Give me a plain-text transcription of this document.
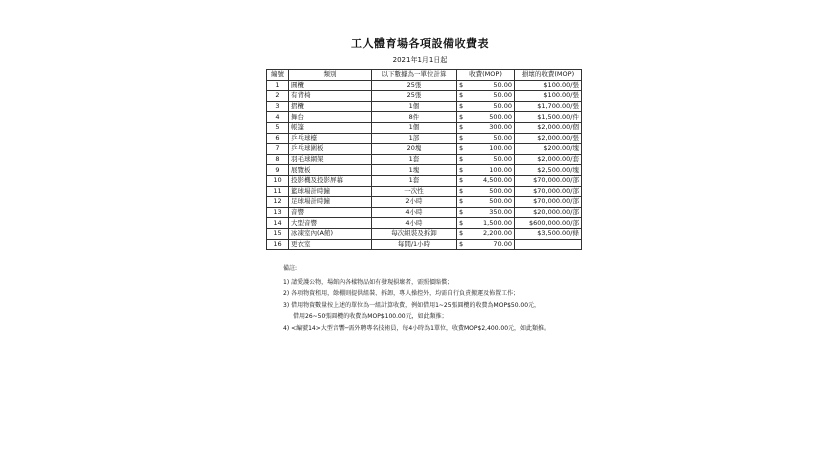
工人體育場各項設備收費表
2021年1月1日起
編號	類別	以下數據為一單位計算	收費(MOP)	損壞的收費(MOP)
1	圓欖	25張	$ 50.00	$100.00/張
2	有背椅	25張	$ 50.00	$100.00/張
3	摺欖	1個	$ 50.00	$1,700.00/張
4	舞台	8件	$ 500.00	$1,500.00/件
5	帳篷	1個	$ 300.00	$2,000.00/個
6	乒乓球檯	1部	$ 50.00	$2,000.00/張
7	乒乓球圍板	20塊	$ 100.00	$200.00/塊
8	羽毛球網架	1套	$ 50.00	$2,000.00/套
9	展覽板	1塊	$ 100.00	$2,500.00/塊
10	投影機及投影屏幕	1套	$ 4,500.00	$70,000.00/部
11	籃球場計時鐘	一次性	$ 500.00	$70,000.00/部
12	足球場計時鐘	2小時	$ 500.00	$70,000.00/部
13	音響	4小時	$ 350.00	$20,000.00/部
14	大型音響	4小時	$ 1,500.00	$600,000.00/部
15	冰凍室內(A館)	每次組裝及拆卸	$ 2,200.00	$3,500.00/條
16	更衣室	每間/1小時	$ 70.00	

備註:
1) 請愛護公物，場館內各樣物品如有發現損壞者，需照價賠償；
2) 各項物資租用，餘棚則提供組裝、拆卸，專人操控外，均需自行負責搬運及佈置工作；
3) 借用物資數量按上述的單位為一組計算收費，例如借用1~25張圓欖的收費為MOP$50.00元，
借用26~50張圓欖的收費為MOP$100.00元，如此類推；
4) <編號14>大型音響─需外聘專名技術員，每4小時為1單位，收費MOP$2,400.00元，如此類推。
